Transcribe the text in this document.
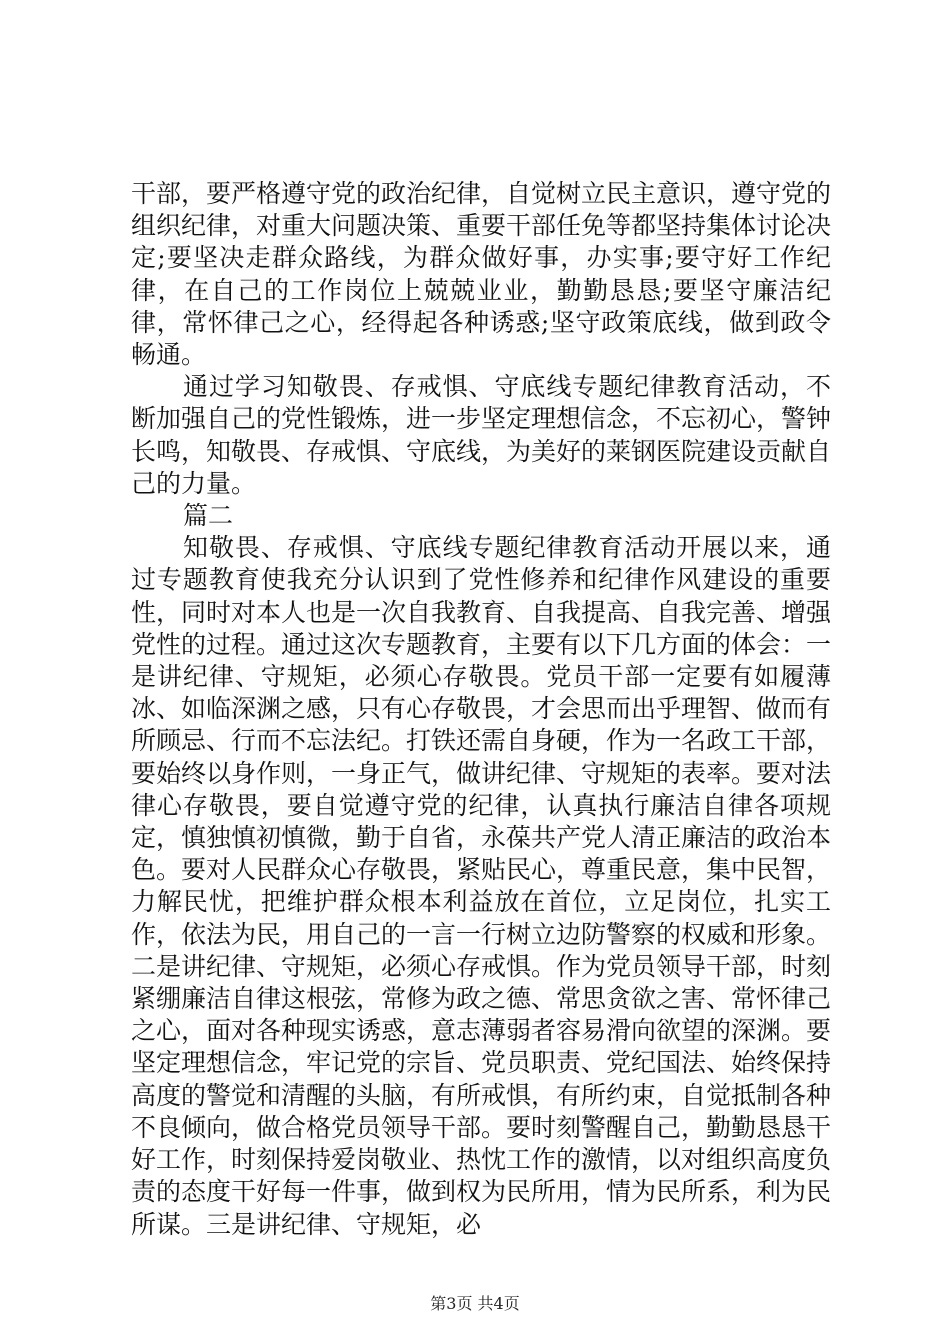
干部，要严格遵守党的政治纪律，自觉树立民主意识，遵守党的组织纪律，对重大问题决策、重要干部任免等都坚持集体讨论决定;要坚决走群众路线，为群众做好事，办实事;要守好工作纪律，在自己的工作岗位上兢兢业业，勤勤恳恳;要坚守廉洁纪律，常怀律己之心，经得起各种诱惑;坚守政策底线，做到政令畅通。

通过学习知敬畏、存戒惧、守底线专题纪律教育活动，不断加强自己的党性锻炼，进一步坚定理想信念，不忘初心，警钟长鸣，知敬畏、存戒惧、守底线，为美好的莱钢医院建设贡献自己的力量。

篇二

知敬畏、存戒惧、守底线专题纪律教育活动开展以来，通过专题教育使我充分认识到了党性修养和纪律作风建设的重要性，同时对本人也是一次自我教育、自我提高、自我完善、增强党性的过程。通过这次专题教育，主要有以下几方面的体会：一是讲纪律、守规矩，必须心存敬畏。党员干部一定要有如履薄冰、如临深渊之感，只有心存敬畏，才会思而出乎理智、做而有所顾忌、行而不忘法纪。打铁还需自身硬，作为一名政工干部，要始终以身作则，一身正气，做讲纪律、守规矩的表率。要对法律心存敬畏，要自觉遵守党的纪律，认真执行廉洁自律各项规定，慎独慎初慎微，勤于自省，永葆共产党人清正廉洁的政治本色。要对人民群众心存敬畏，紧贴民心，尊重民意，集中民智，力解民忧，把维护群众根本利益放在首位，立足岗位，扎实工作，依法为民，用自己的一言一行树立边防警察的权威和形象。二是讲纪律、守规矩，必须心存戒惧。作为党员领导干部，时刻紧绷廉洁自律这根弦，常修为政之德、常思贪欲之害、常怀律己之心，面对各种现实诱惑，意志薄弱者容易滑向欲望的深渊。要坚定理想信念，牢记党的宗旨、党员职责、党纪国法、始终保持高度的警觉和清醒的头脑，有所戒惧，有所约束，自觉抵制各种不良倾向，做合格党员领导干部。要时刻警醒自己，勤勤恳恳干好工作，时刻保持爱岗敬业、热忱工作的激情，以对组织高度负责的态度干好每一件事，做到权为民所用，情为民所系，利为民所谋。三是讲纪律、守规矩，必

第3页 共4页
